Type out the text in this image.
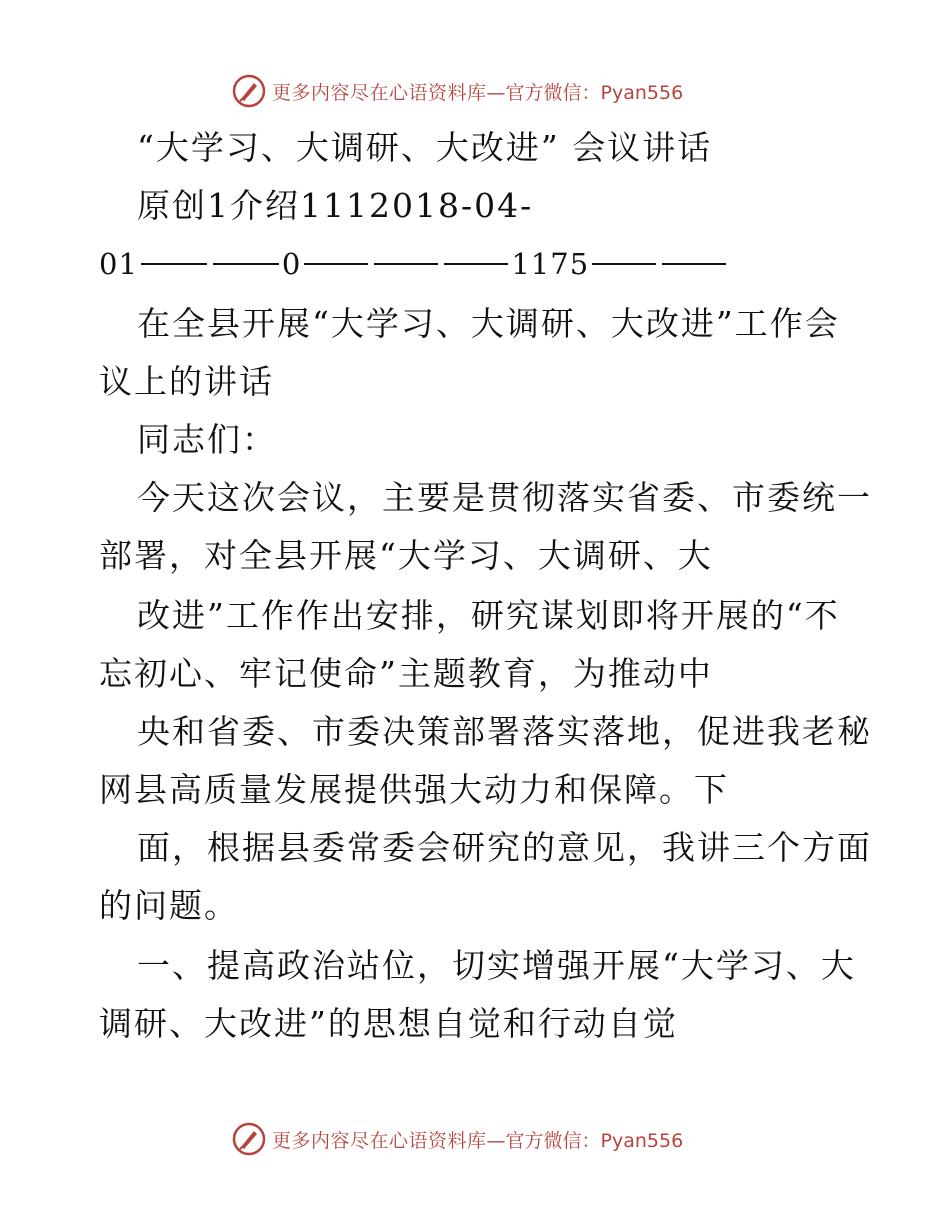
更多内容尽在心语资料库 —官方微信：Pyan556
“大学习、大调研、大改进” 会议讲话
原创1介绍1112018-04-
01	0	1175
在全县开展“大学习、大调研、大改进”工作会
议上的讲话
同志们：
今天这次会议，主要是贯彻落实省委、市委统一
部署，对全县开展“大学习、大调研、大
改进”工作作出安排，研究谋划即将开展的“不
忘初心、牢记使命”主题教育，为推动中
央和省委、市委决策部署落实落地，促进我老秘
网县高质量发展提供强大动力和保障。下
面，根据县委常委会研究的意见，我讲三个方面
的问题。
一、提高政治站位，切实增强开展“大学习、大
调研、大改进”的思想自觉和行动自觉
更多内容尽在心语资料库 —官方微信：Pyan556
